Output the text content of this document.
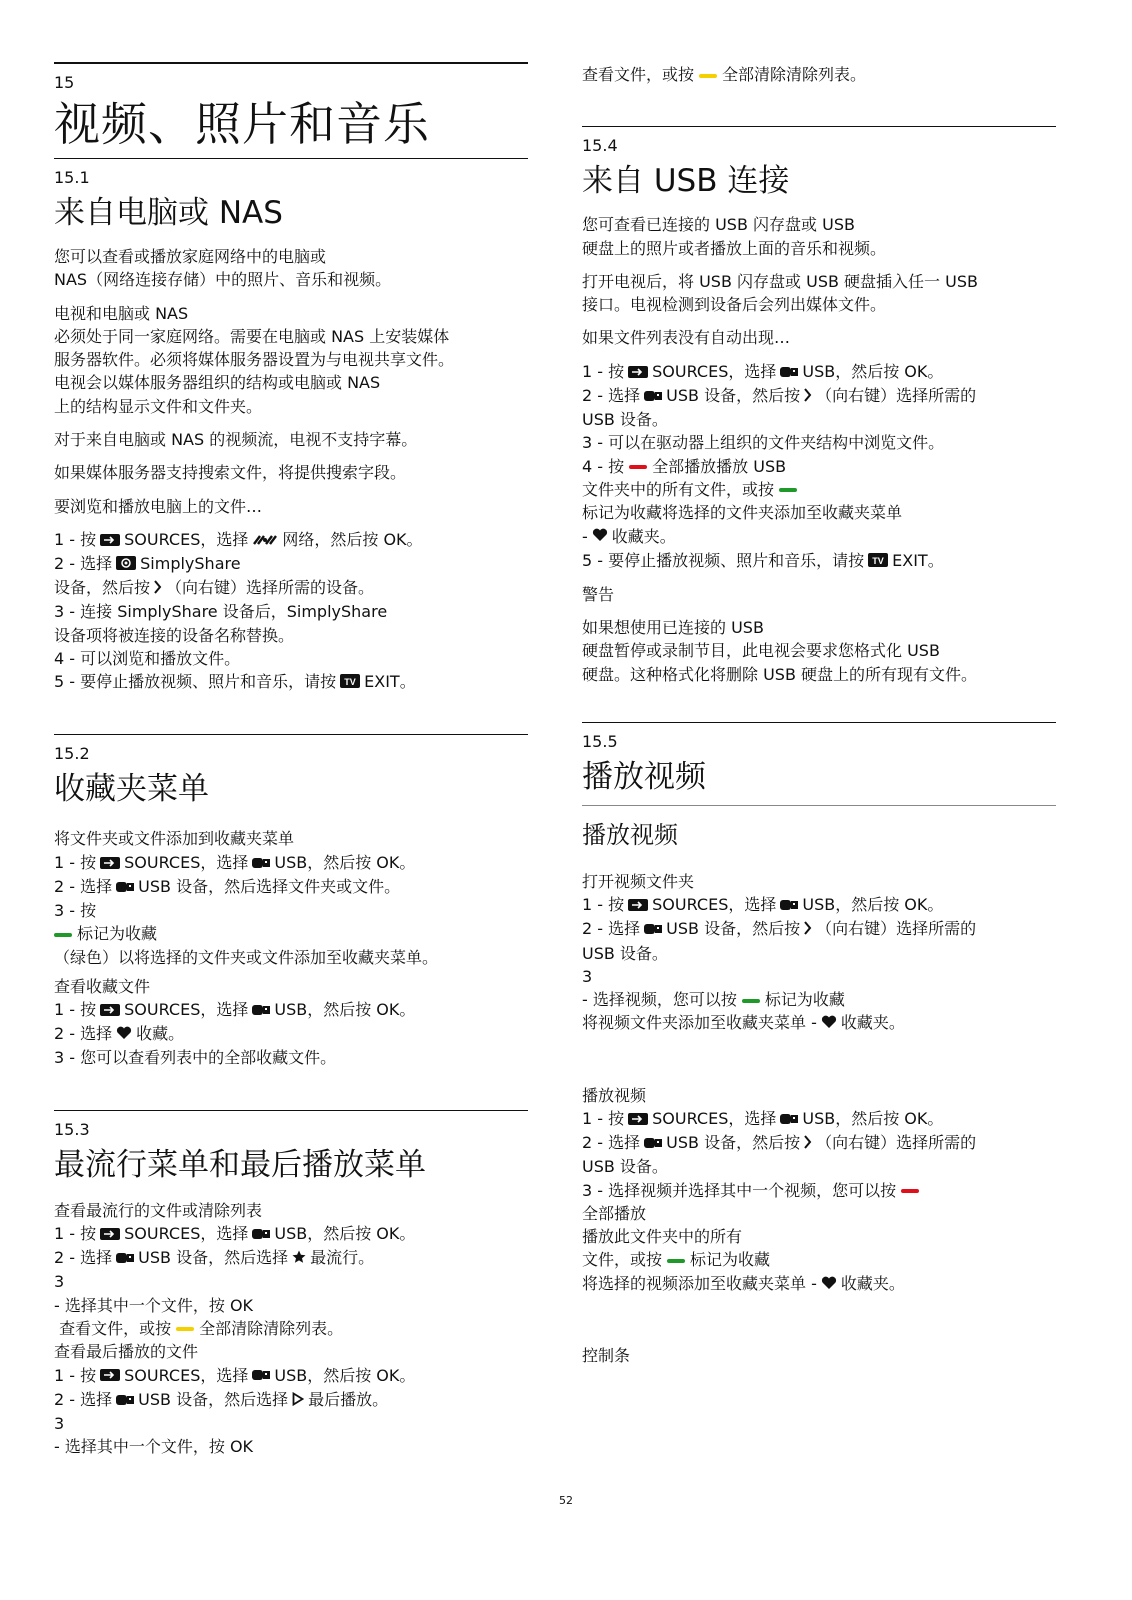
15
视频、照片和音乐
15.1
来自电脑或 NAS
您可以查看或播放家庭网络中的电脑或
NAS（网络连接存储）中的照片、音乐和视频。
电视和电脑或 NAS
必须处于同一家庭网络。需要在电脑或 NAS 上安装媒体
服务器软件。必须将媒体服务器设置为与电视共享文件。
电视会以媒体服务器组织的结构或电脑或 NAS
上的结构显示文件和文件夹。
对于来自电脑或 NAS 的视频流，电视不支持字幕。
如果媒体服务器支持搜索文件，将提供搜索字段。
要浏览和播放电脑上的文件…
1 - 按 SOURCES，选择 网络，然后按 OK。
2 - 选择 SimplyShare
设备，然后按 （向右键）选择所需的设备。
3 - 连接 SimplyShare 设备后，SimplyShare
设备项将被连接的设备名称替换。
4 - 可以浏览和播放文件。
5 - 要停止播放视频、照片和音乐，请按 TV EXIT。
15.2
收藏夹菜单
将文件夹或文件添加到收藏夹菜单
1 - 按 SOURCES，选择 USB，然后按 OK。
2 - 选择 USB 设备，然后选择文件夹或文件。
3 - 按
标记为收藏
（绿色）以将选择的文件夹或文件添加至收藏夹菜单。
查看收藏文件
1 - 按 SOURCES，选择 USB，然后按 OK。
2 - 选择 收藏。
3 - 您可以查看列表中的全部收藏文件。
15.3
最流行菜单和最后播放菜单
查看最流行的文件或清除列表
1 - 按 SOURCES，选择 USB，然后按 OK。
2 - 选择 USB 设备，然后选择 最流行。
3
- 选择其中一个文件，按 OK
查看文件，或按 全部清除清除列表。
查看最后播放的文件
1 - 按 SOURCES，选择 USB，然后按 OK。
2 - 选择 USB 设备，然后选择 最后播放。
3
- 选择其中一个文件，按 OK
查看文件，或按 全部清除清除列表。
15.4
来自 USB 连接
您可查看已连接的 USB 闪存盘或 USB
硬盘上的照片或者播放上面的音乐和视频。
打开电视后，将 USB 闪存盘或 USB 硬盘插入任一 USB
接口。电视检测到设备后会列出媒体文件。
如果文件列表没有自动出现…
1 - 按 SOURCES，选择 USB，然后按 OK。
2 - 选择 USB 设备，然后按 （向右键）选择所需的
USB 设备。
3 - 可以在驱动器上组织的文件夹结构中浏览文件。
4 - 按 全部播放播放 USB
文件夹中的所有文件，或按
标记为收藏将选择的文件夹添加至收藏夹菜单
- 收藏夹。
5 - 要停止播放视频、照片和音乐，请按 TV EXIT。
警告
如果想使用已连接的 USB
硬盘暂停或录制节目，此电视会要求您格式化 USB
硬盘。这种格式化将删除 USB 硬盘上的所有现有文件。
15.5
播放视频
播放视频
打开视频文件夹
1 - 按 SOURCES，选择 USB，然后按 OK。
2 - 选择 USB 设备，然后按 （向右键）选择所需的
USB 设备。
3
- 选择视频，您可以按 标记为收藏
将视频文件夹添加至收藏夹菜单 - 收藏夹。
播放视频
1 - 按 SOURCES，选择 USB，然后按 OK。
2 - 选择 USB 设备，然后按 （向右键）选择所需的
USB 设备。
3 - 选择视频并选择其中一个视频，您可以按
全部播放
播放此文件夹中的所有
文件，或按 标记为收藏
将选择的视频添加至收藏夹菜单 - 收藏夹。
控制条
52
